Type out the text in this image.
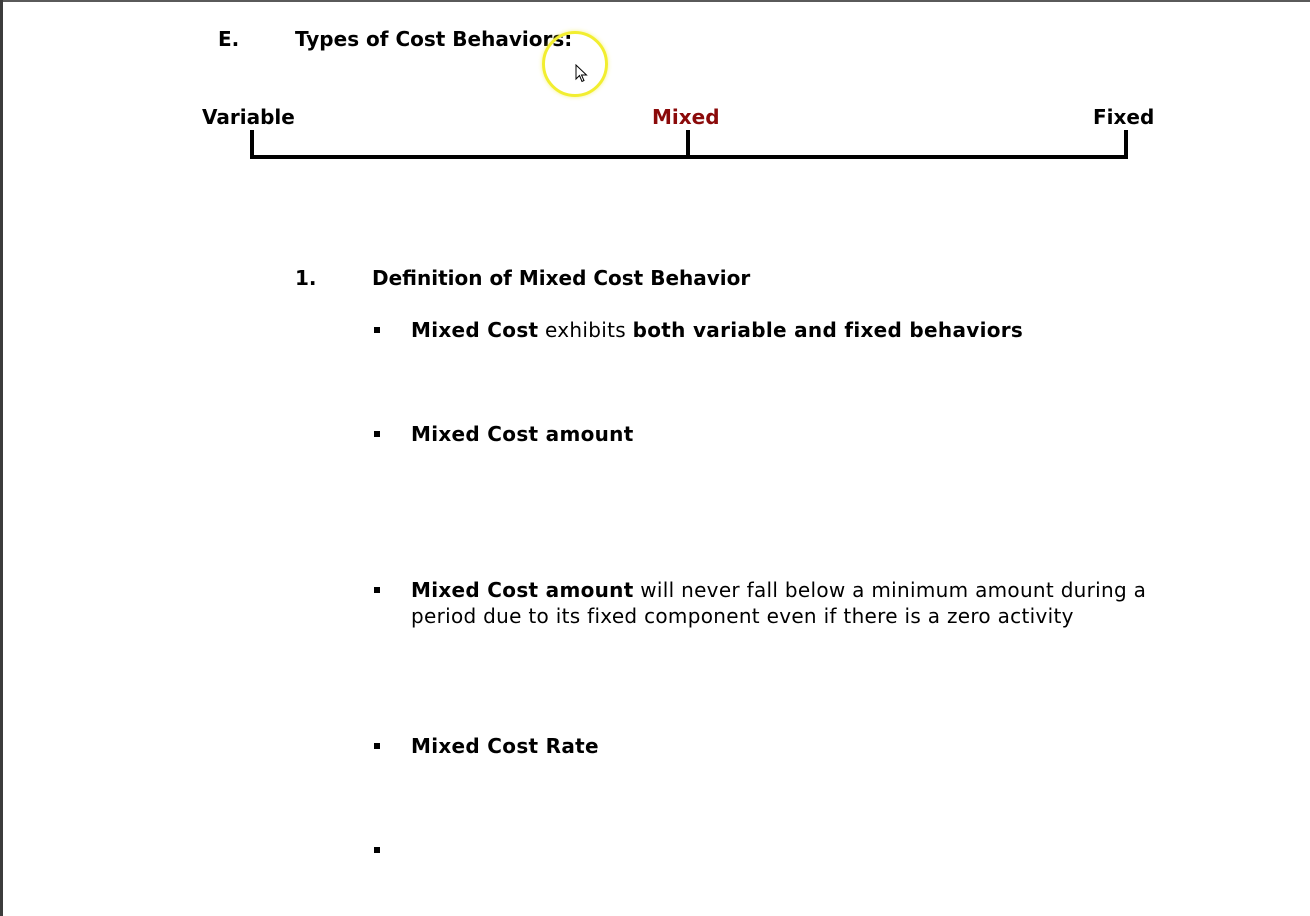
E.	Types of Cost Behaviors:
Variable	Mixed	Fixed
1.	Definition of Mixed Cost Behavior
Mixed Cost exhibits both variable and fixed behaviors
Mixed Cost amount
Mixed Cost amount will never fall below a minimum amount during a
period due to its fixed component even if there is a zero activity
Mixed Cost Rate
